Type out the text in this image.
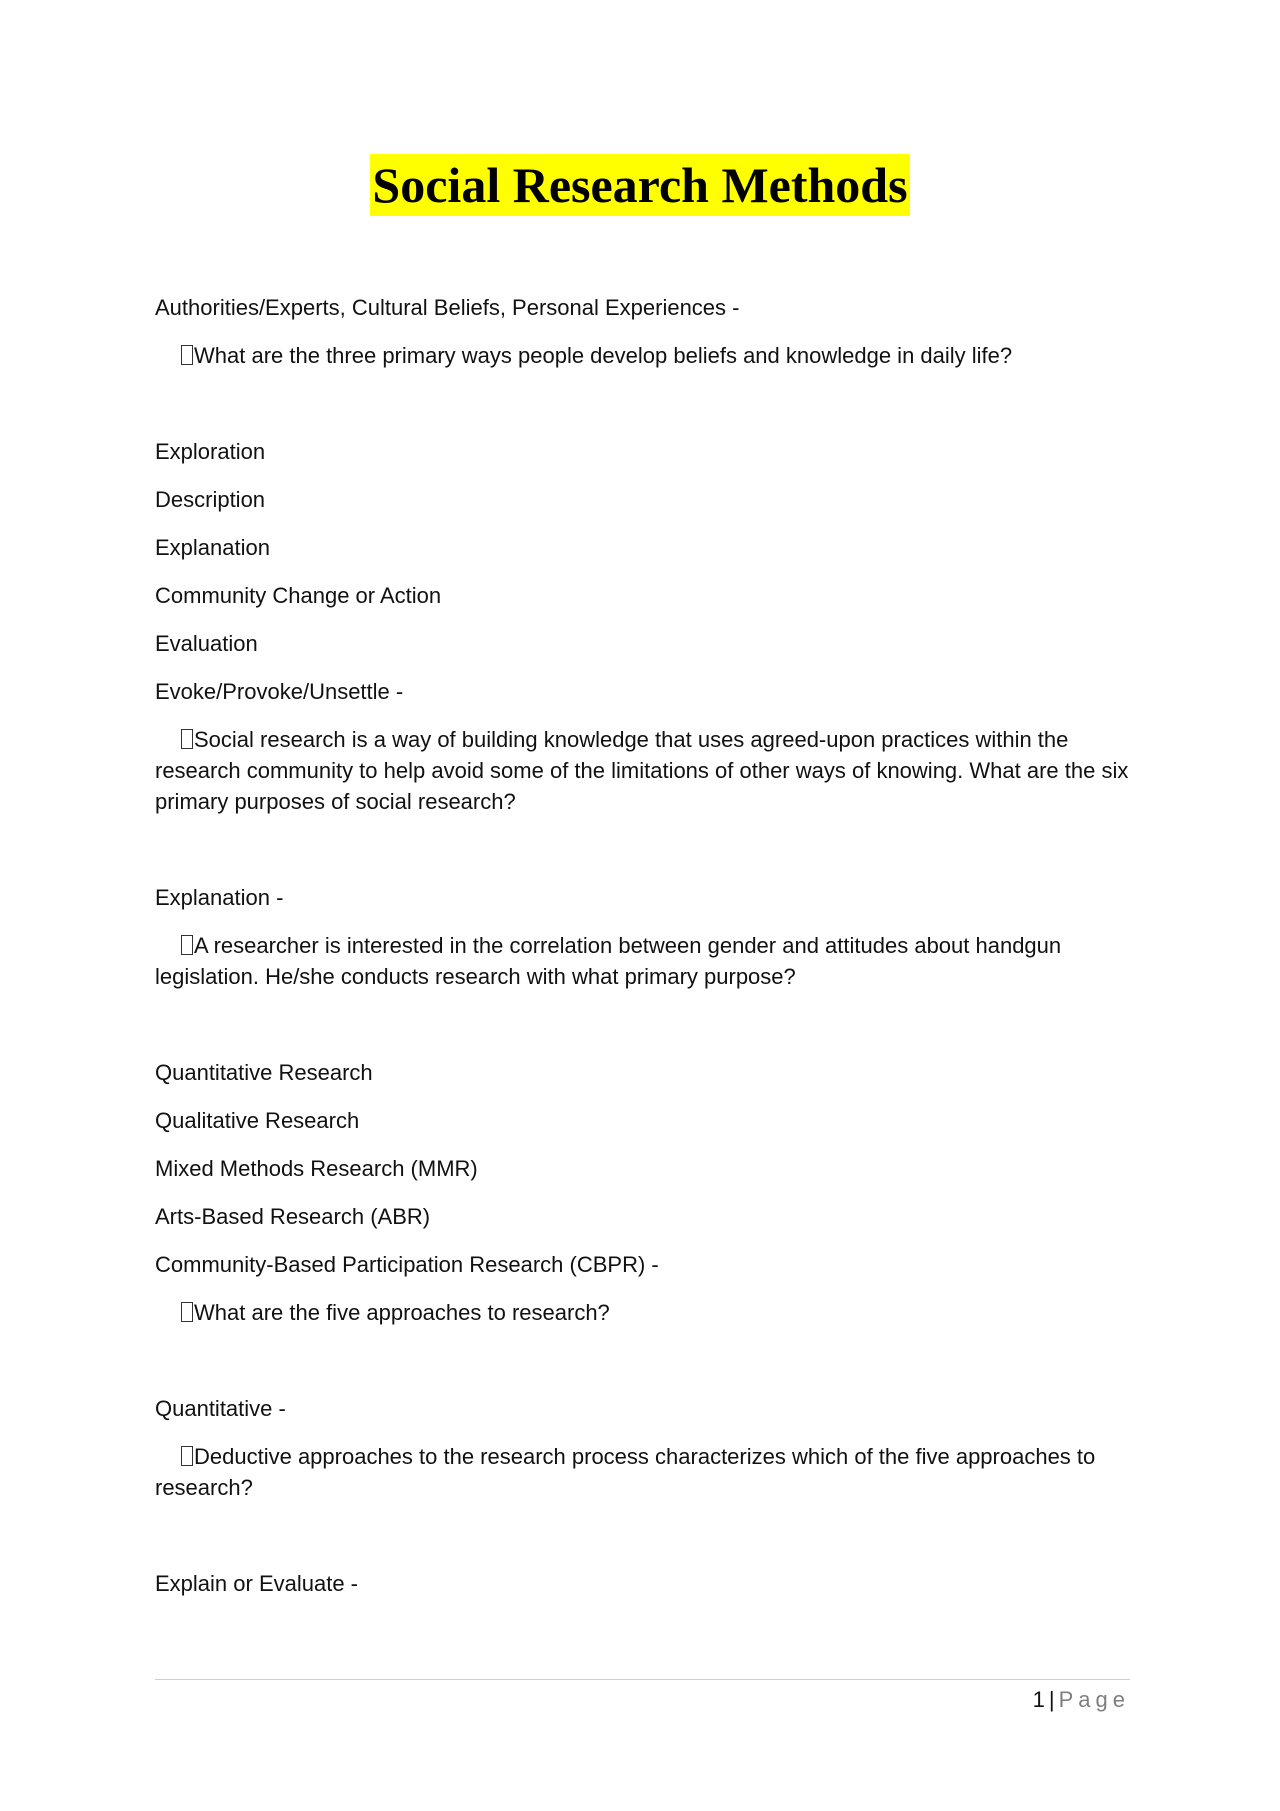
Social Research Methods
Authorities/Experts, Cultural Beliefs, Personal Experiences -
What are the three primary ways people develop beliefs and knowledge in daily life?
Exploration
Description
Explanation
Community Change or Action
Evaluation
Evoke/Provoke/Unsettle -
Social research is a way of building knowledge that uses agreed-upon practices within the research community to help avoid some of the limitations of other ways of knowing. What are the six primary purposes of social research?
Explanation -
A researcher is interested in the correlation between gender and attitudes about handgun legislation. He/she conducts research with what primary purpose?
Quantitative Research
Qualitative Research
Mixed Methods Research (MMR)
Arts-Based Research (ABR)
Community-Based Participation Research (CBPR) -
What are the five approaches to research?
Quantitative -
Deductive approaches to the research process characterizes which of the five approaches to research?
Explain or Evaluate -
1 | Page
